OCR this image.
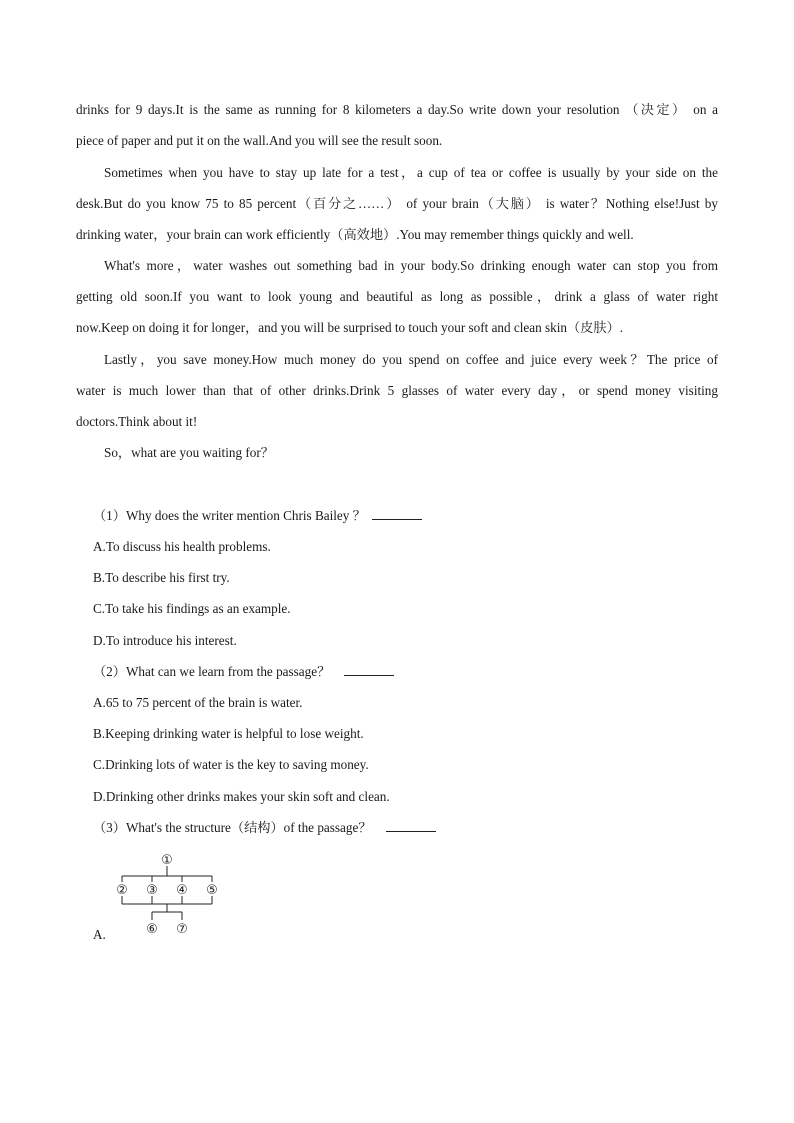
drinks for 9 days.It is the same as running for 8 kilometers a day.So write down your resolution （决定） on a
piece of paper and put it on the wall.And you will see the result soon.
Sometimes when you have to stay up late for a test，a cup of tea or coffee is usually by your side on the
desk.But do you know 75 to 85 percent（百分之……） of your brain（大脑） is water？Nothing else!Just by
drinking water，your brain can work efficiently（高效地）.You may remember things quickly and well.
What's more，water washes out something bad in your body.So drinking enough water can stop you from
getting old soon.If you want to look young and beautiful as long as possible，drink a glass of water right
now.Keep on doing it for longer，and you will be surprised to touch your soft and clean skin（皮肤）.
Lastly，you save money.How much money do you spend on coffee and juice every week？The price of
water is much lower than that of other drinks.Drink 5 glasses of water every day，or spend money visiting
doctors.Think about it!
So，what are you waiting for？
（1）Why does the writer mention Chris Bailey ？
A.To discuss his health problems.
B.To describe his first try.
C.To take his findings as an example.
D.To introduce his interest.
（2）What can we learn from the passage？
A.65 to 75 percent of the brain is water.
B.Keeping drinking water is helpful to lose weight.
C.Drinking lots of water is the key to saving money.
D.Drinking other drinks makes your skin soft and clean.
（3）What's the structure（结构）of the passage？
A.
①
② ③ ④ ⑤
⑥ ⑦
